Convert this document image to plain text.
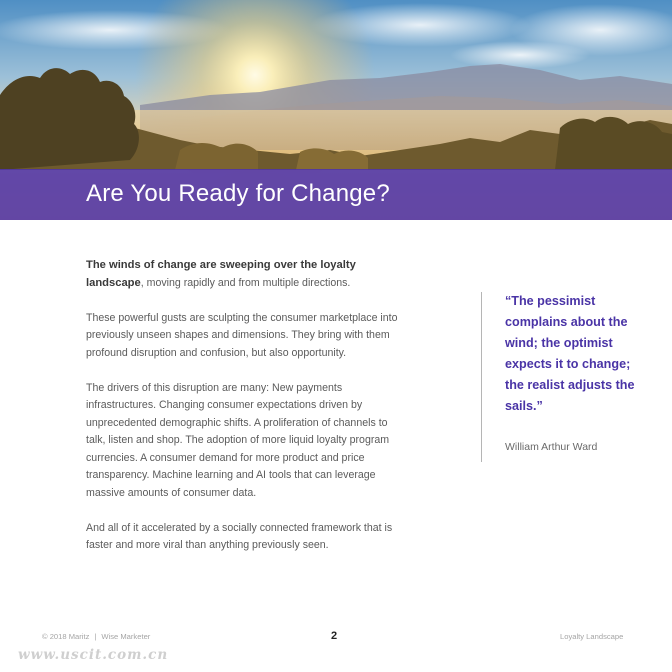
Are You Ready for Change?

The winds of change are sweeping over the loyalty landscape, moving rapidly and from multiple directions.

These powerful gusts are sculpting the consumer marketplace into previously unseen shapes and dimensions. They bring with them profound disruption and confusion, but also opportunity.

The drivers of this disruption are many: New payments infrastructures. Changing consumer expectations driven by unprecedented demographic shifts. A proliferation of channels to talk, listen and shop. The adoption of more liquid loyalty program currencies. A consumer demand for more product and price transparency. Machine learning and AI tools that can leverage massive amounts of consumer data.

And all of it accelerated by a socially connected framework that is faster and more viral than anything previously seen.

“The pessimist complains about the wind; the optimist expects it to change; the realist adjusts the sails.”

William Arthur Ward

© 2018 Maritz | Wise Marketer	2	Loyalty Landscape
www.uscit.com.cn
